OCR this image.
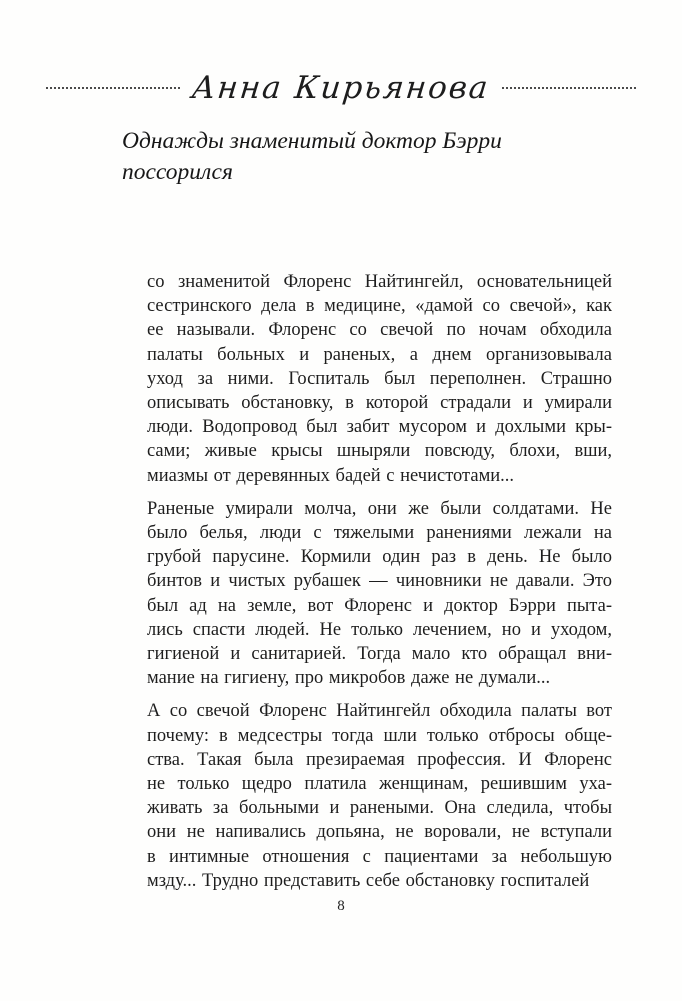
Анна Кирьянова
Однажды знаменитый доктор Бэрри
поссорился
со знаменитой Флоренс Найтингейл, основательницей
сестринского дела в медицине, «дамой со свечой», как
ее называли. Флоренс со свечой по ночам обходила
палаты больных и раненых, а днем организовывала
уход за ними. Госпиталь был переполнен. Страшно
описывать обстановку, в которой страдали и умирали
люди. Водопровод был забит мусором и дохлыми кры-
сами; живые крысы шныряли повсюду, блохи, вши,
миазмы от деревянных бадей с нечистотами...
Раненые умирали молча, они же были солдатами. Не
было белья, люди с тяжелыми ранениями лежали на
грубой парусине. Кормили один раз в день. Не было
бинтов и чистых рубашек — чиновники не давали. Это
был ад на земле, вот Флоренс и доктор Бэрри пыта-
лись спасти людей. Не только лечением, но и уходом,
гигиеной и санитарией. Тогда мало кто обращал вни-
мание на гигиену, про микробов даже не думали...
А со свечой Флоренс Найтингейл обходила палаты вот
почему: в медсестры тогда шли только отбросы обще-
ства. Такая была презираемая профессия. И Флоренс
не только щедро платила женщинам, решившим уха-
живать за больными и ранеными. Она следила, чтобы
они не напивались допьяна, не воровали, не вступали
в интимные отношения с пациентами за небольшую
мзду... Трудно представить себе обстановку госпиталей
8
